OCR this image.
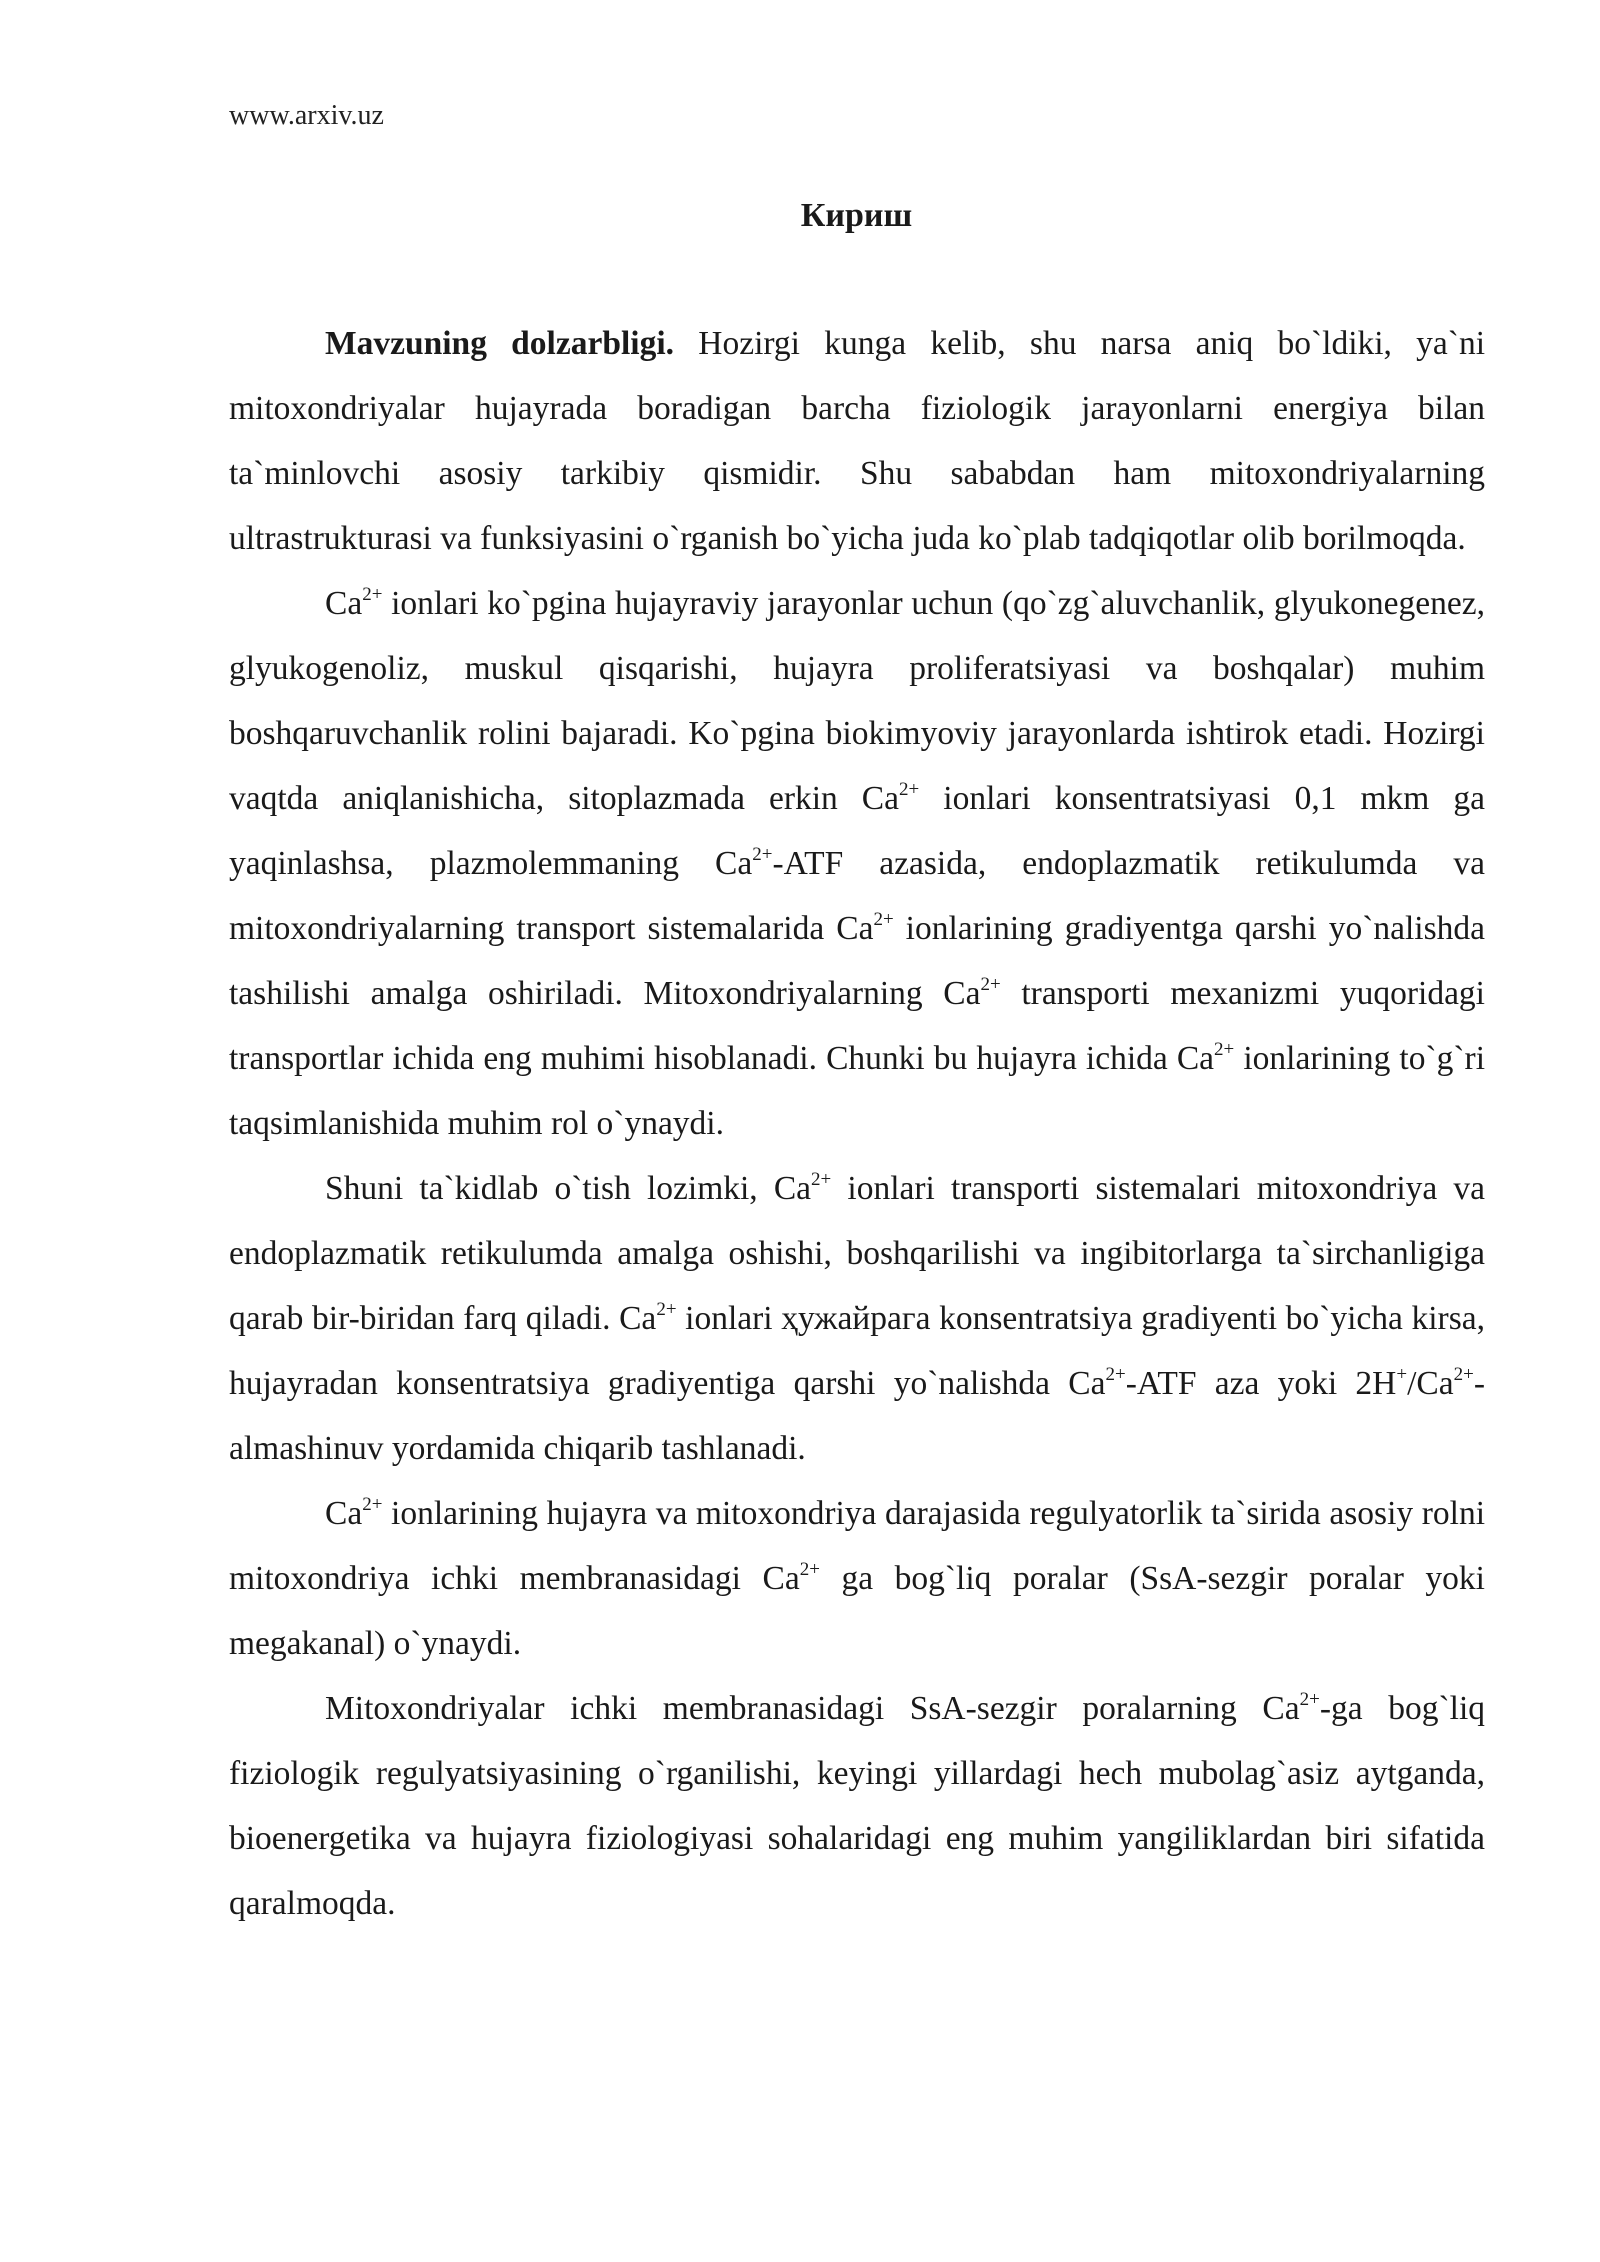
www.arxiv.uz
Кириш

Mavzuning dolzarbligi. Hozirgi kunga kelib, shu narsa aniq bo`ldiki, ya`ni mitoxondriyalar hujayrada boradigan barcha fiziologik jarayonlarni energiya bilan ta`minlovchi asosiy tarkibiy qismidir. Shu sababdan ham mitoxondriyalarning ultrastrukturasi va funksiyasini o`rganish bo`yicha juda ko`plab tadqiqotlar olib borilmoqda.

$Ca^{2+}$ ionlari ko`pgina hujayraviy jarayonlar uchun (qo`zg`aluvchanlik, glyukonegenez, glyukogenoliz, muskul qisqarishi, hujayra proliferatsiyasi va boshqalar) muhim boshqaruvchanlik rolini bajaradi. Ko`pgina biokimyoviy jarayonlarda ishtirok etadi. Hozirgi vaqtda aniqlanishicha, sitoplazmada erkin $Ca^{2+}$ ionlari konsentratsiyasi 0,1 mkm ga yaqinlashsa, plazmolemmaning $Ca^{2+}$-ATF azasida, endoplazmatik retikulumda va mitoxondriyalarning transport sistemalarida $Ca^{2+}$ ionlarining gradiyentga qarshi yo`nalishda tashilishi amalga oshiriladi. Mitoxondriyalarning $Ca^{2+}$ transporti mexanizmi yuqoridagi transportlar ichida eng muhimi hisoblanadi. Chunki bu hujayra ichida $Ca^{2+}$ ionlarining to`g`ri taqsimlanishida muhim rol o`ynaydi.

Shuni ta`kidlab o`tish lozimki, $Ca^{2+}$ ionlari transporti sistemalari mitoxondriya va endoplazmatik retikulumda amalga oshishi, boshqarilishi va ingibitorlarga ta`sirchanligiga qarab bir-biridan farq qiladi. $Ca^{2+}$ ionlari ҳужайрага konsentratsiya gradiyenti bo`yicha kirsa, hujayradan konsentratsiya gradiyentiga qarshi yo`nalishda $Ca^{2+}$-ATF aza yoki $2H^+/Ca^{2+}$-almashinuv yordamida chiqarib tashlanadi.

$Ca^{2+}$ ionlarining hujayra va mitoxondriya darajasida regulyatorlik ta`sirida asosiy rolni mitoxondriya ichki membranasidagi $Ca^{2+}$ ga bog`liq poralar (SsA-sezgir poralar yoki megakanal) o`ynaydi.

Mitoxondriyalar ichki membranasidagi SsA-sezgir poralarning $Ca^{2+}-ga$ bog`liq fiziologik regulyatsiyasining o`rganilishi, keyingi yillardagi hech mubolag`asiz aytganda, bioenergetika va hujayra fiziologiyasi sohalaridagi eng muhim yangiliklardan biri sifatida qaralmoqda.
